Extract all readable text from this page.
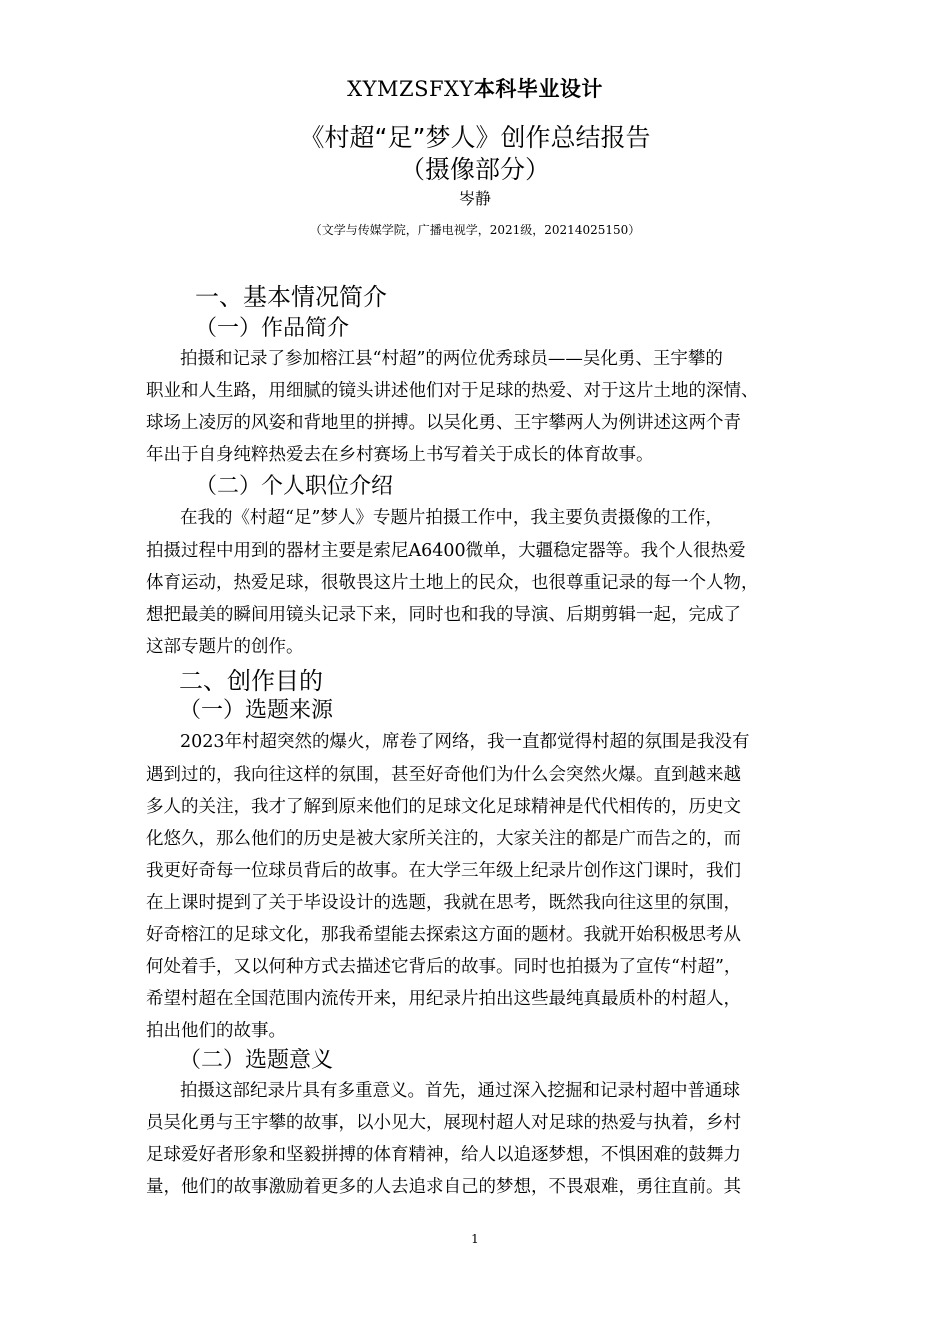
XYMZSFXY本科毕业设计
《村超“足”梦人》创作总结报告
（摄像部分）
岑静
（文学与传媒学院，广播电视学，2021级，20214025150）
一、基本情况简介
（一）作品简介
拍摄和记录了参加榕江县“村超”的两位优秀球员——吴化勇、王宇攀的
职业和人生路，用细腻的镜头讲述他们对于足球的热爱、对于这片土地的深情、
球场上凌厉的风姿和背地里的拼搏。以吴化勇、王宇攀两人为例讲述这两个青
年出于自身纯粹热爱去在乡村赛场上书写着关于成长的体育故事。
（二）个人职位介绍
在我的《村超“足”梦人》专题片拍摄工作中，我主要负责摄像的工作，
拍摄过程中用到的器材主要是索尼A6400微单，大疆稳定器等。我个人很热爱
体育运动，热爱足球，很敬畏这片土地上的民众，也很尊重记录的每一个人物，
想把最美的瞬间用镜头记录下来，同时也和我的导演、后期剪辑一起，完成了
这部专题片的创作。
二、创作目的
（一）选题来源
2023年村超突然的爆火，席卷了网络，我一直都觉得村超的氛围是我没有
遇到过的，我向往这样的氛围，甚至好奇他们为什么会突然火爆。直到越来越
多人的关注，我才了解到原来他们的足球文化足球精神是代代相传的，历史文
化悠久，那么他们的历史是被大家所关注的，大家关注的都是广而告之的，而
我更好奇每一位球员背后的故事。在大学三年级上纪录片创作这门课时，我们
在上课时提到了关于毕设设计的选题，我就在思考，既然我向往这里的氛围，
好奇榕江的足球文化，那我希望能去探索这方面的题材。我就开始积极思考从
何处着手，又以何种方式去描述它背后的故事。同时也拍摄为了宣传“村超”，
希望村超在全国范围内流传开来，用纪录片拍出这些最纯真最质朴的村超人，
拍出他们的故事。
（二）选题意义
拍摄这部纪录片具有多重意义。首先，通过深入挖掘和记录村超中普通球
员吴化勇与王宇攀的故事，以小见大，展现村超人对足球的热爱与执着，乡村
足球爱好者形象和坚毅拼搏的体育精神，给人以追逐梦想，不惧困难的鼓舞力
量，他们的故事激励着更多的人去追求自己的梦想，不畏艰难，勇往直前。其
1
